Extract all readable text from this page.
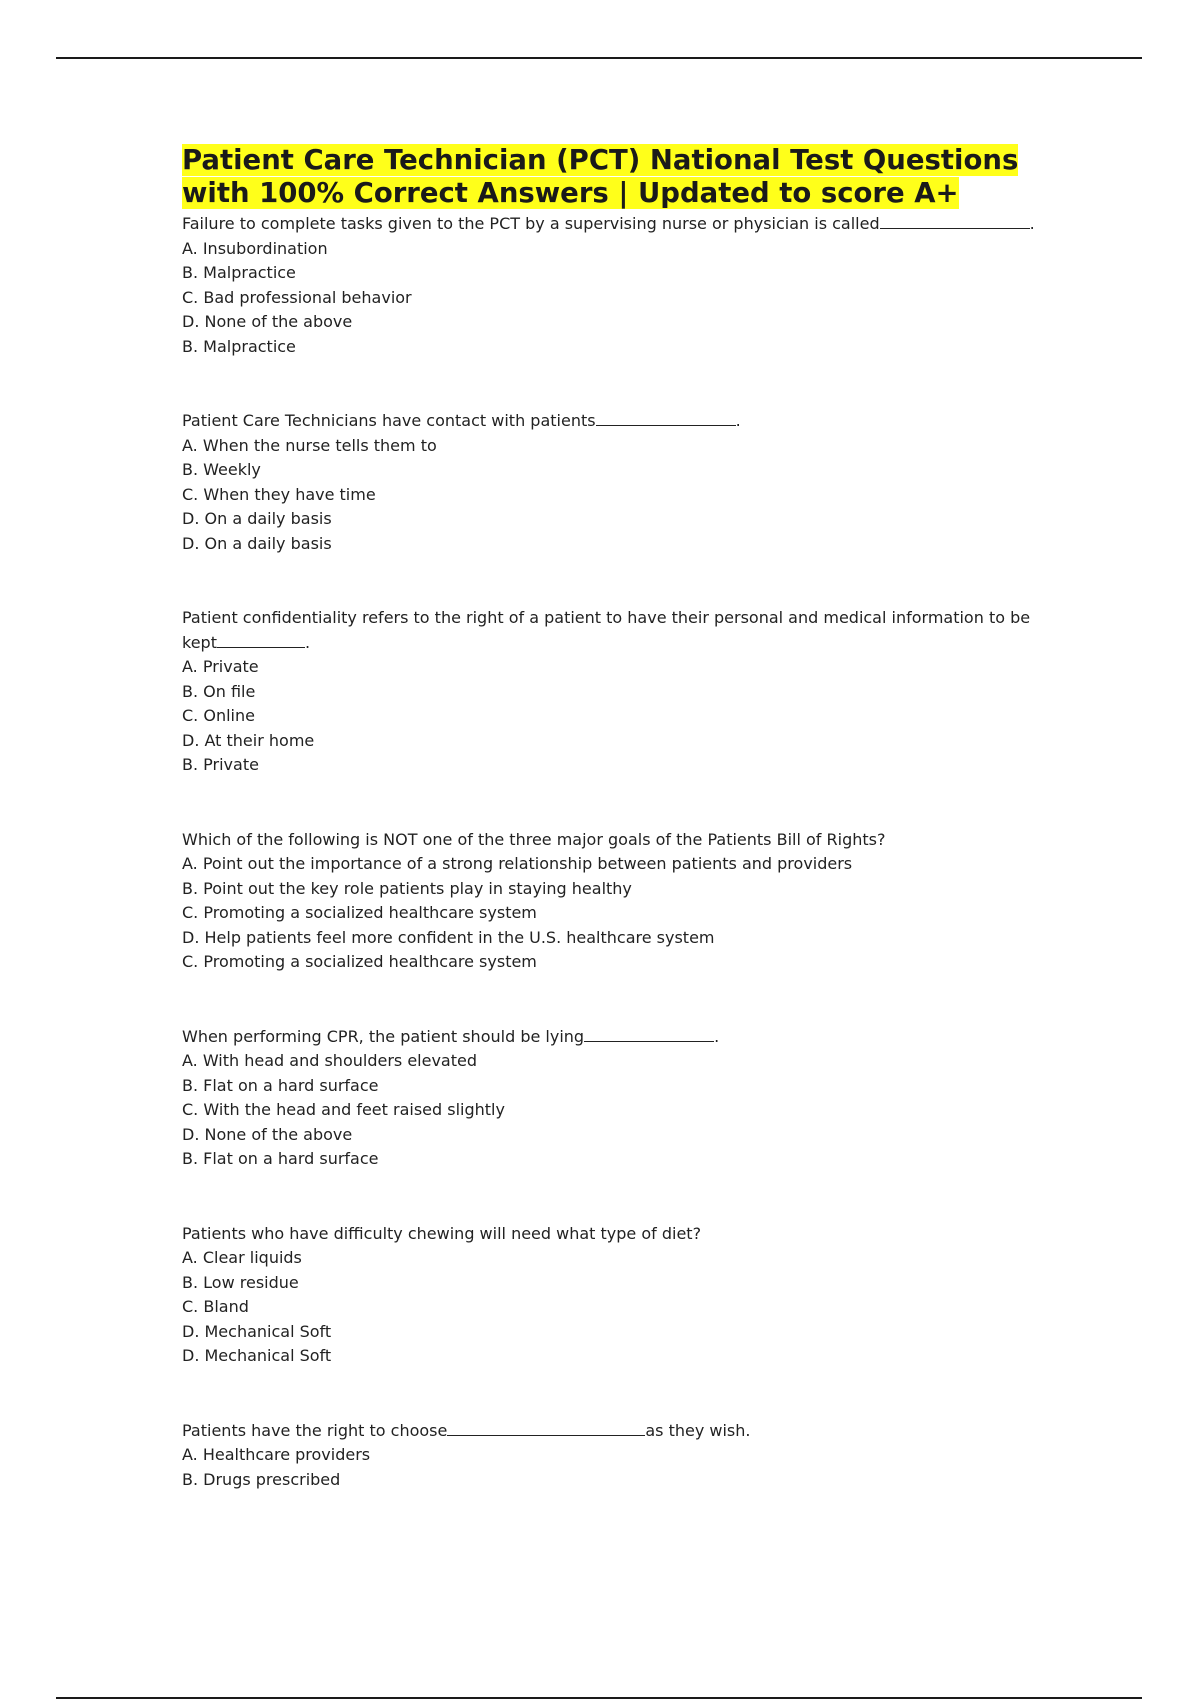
Patient Care Technician (PCT) National Test Questions with 100% Correct Answers | Updated to score A+
Failure to complete tasks given to the PCT by a supervising nurse or physician is called	.
A. Insubordination
B. Malpractice
C. Bad professional behavior
D. None of the above
B. Malpractice
Patient Care Technicians have contact with patients	.
A. When the nurse tells them to
B. Weekly
C. When they have time
D. On a daily basis
D. On a daily basis
Patient confidentiality refers to the right of a patient to have their personal and medical information to be kept	.
A. Private
B. On file
C. Online
D. At their home
B. Private
Which of the following is NOT one of the three major goals of the Patients Bill of Rights?
A. Point out the importance of a strong relationship between patients and providers
B. Point out the key role patients play in staying healthy
C. Promoting a socialized healthcare system
D. Help patients feel more confident in the U.S. healthcare system
C. Promoting a socialized healthcare system
When performing CPR, the patient should be lying	.
A. With head and shoulders elevated
B. Flat on a hard surface
C. With the head and feet raised slightly
D. None of the above
B. Flat on a hard surface
Patients who have difficulty chewing will need what type of diet?
A. Clear liquids
B. Low residue
C. Bland
D. Mechanical Soft
D. Mechanical Soft
Patients have the right to choose	as they wish.
A. Healthcare providers
B. Drugs prescribed
